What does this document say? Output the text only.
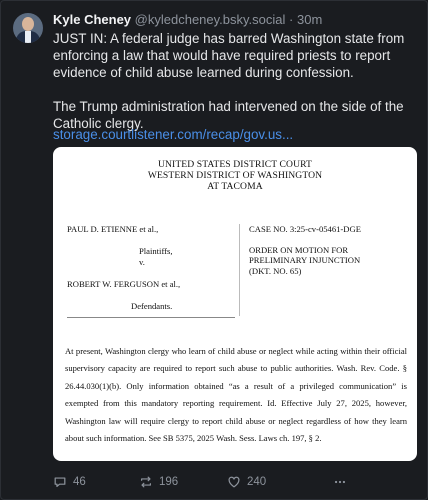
Kyle Cheney @kyledcheney.bsky.social · 30m

JUST IN: A federal judge has barred Washington state from enforcing a law that would have required priests to report evidence of child abuse learned during confession.

The Trump administration had intervened on the side of the Catholic clergy.

storage.courtlistener.com/recap/gov.us...
UNITED STATES DISTRICT COURT
WESTERN DISTRICT OF WASHINGTON
AT TACOMA
PAUL D. ETIENNE et al.,
Plaintiffs,
v.
ROBERT W. FERGUSON et al.,
Defendants.
CASE NO. 3:25-cv-05461-DGE
ORDER ON MOTION FOR
PRELIMINARY INJUNCTION
(DKT. NO. 65)
At present, Washington clergy who learn of child abuse or neglect while acting within their official supervisory capacity are required to report such abuse to public authorities. Wash. Rev. Code. § 26.44.030(1)(b). Only information obtained “as a result of a privileged communication” is exempted from this mandatory reporting requirement. Id. Effective July 27, 2025, however, Washington law will require clergy to report child abuse or neglect regardless of how they learn about such information. See SB 5375, 2025 Wash. Sess. Laws ch. 197, § 2.
46	196	240
